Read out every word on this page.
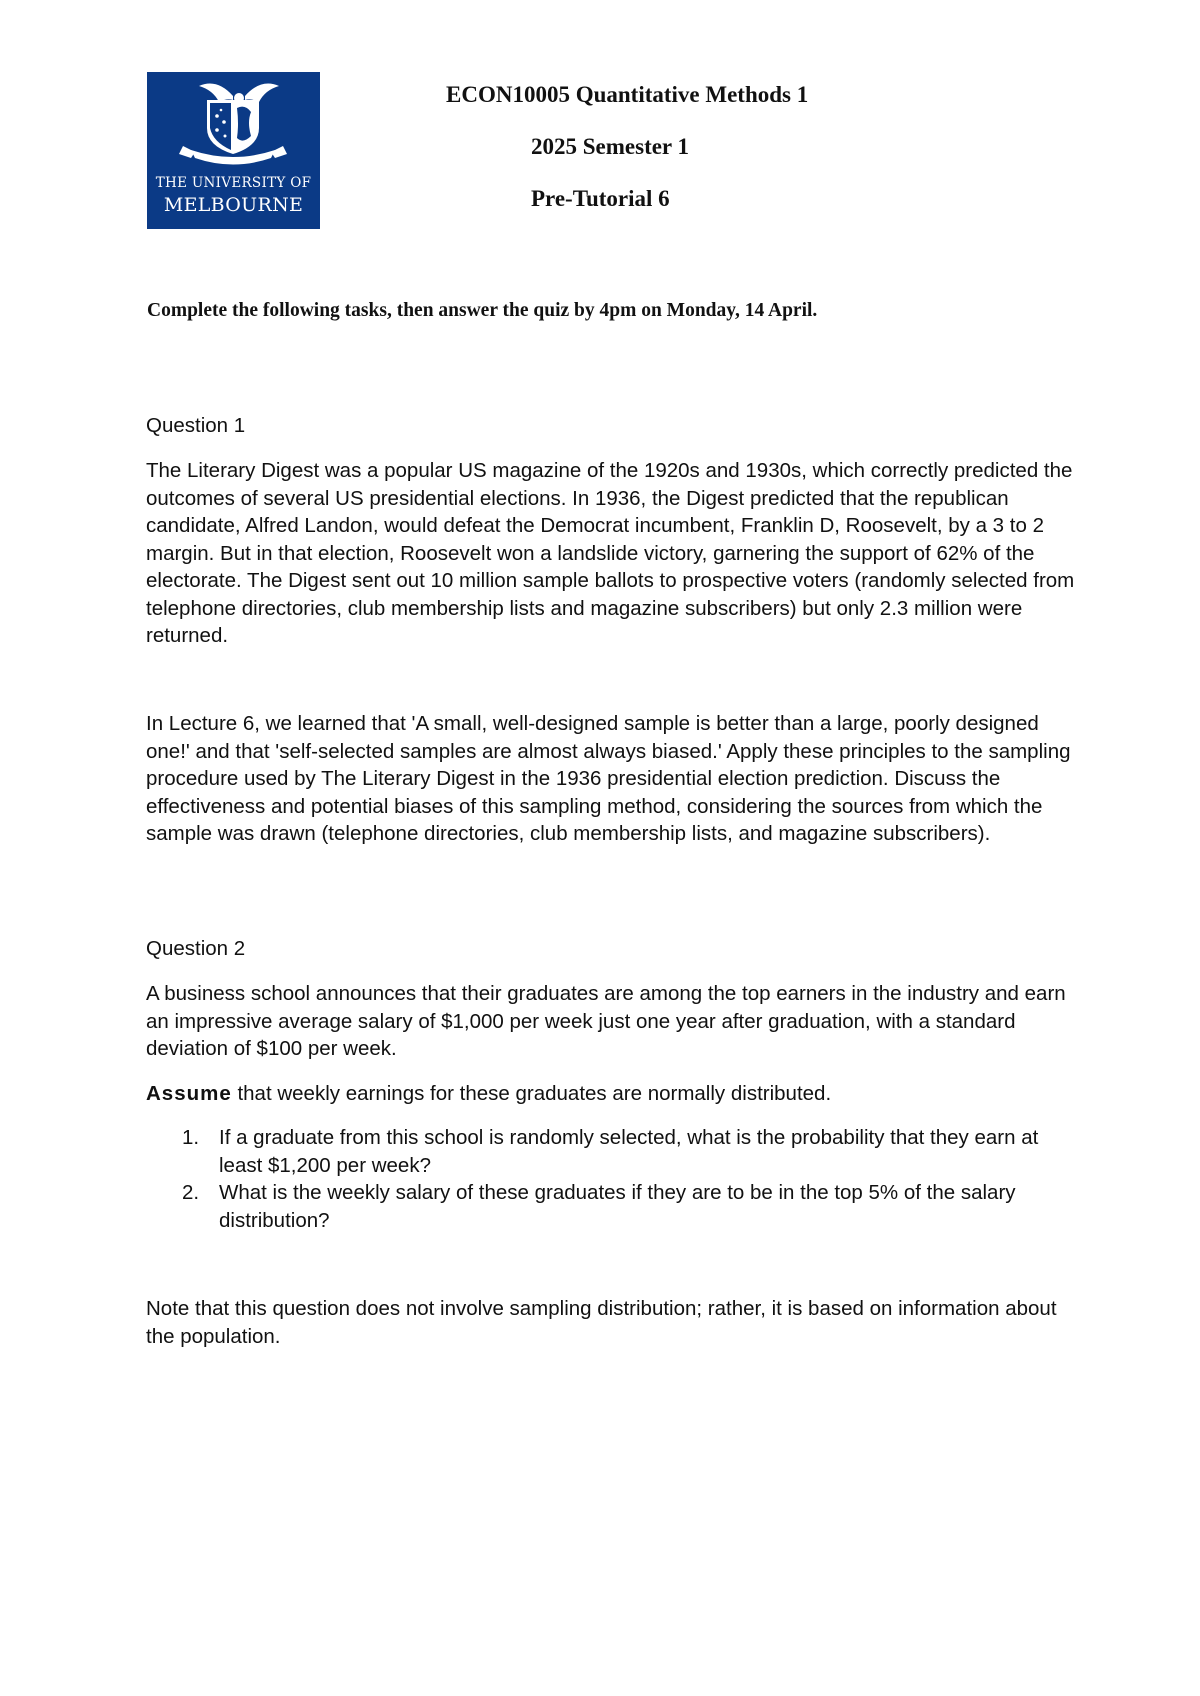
THE UNIVERSITY OF
MELBOURNE
ECON10005 Quantitative Methods 1
2025 Semester 1
Pre-Tutorial 6
Complete the following tasks, then answer the quiz by 4pm on Monday, 14 April.

Question 1

The Literary Digest was a popular US magazine of the 1920s and 1930s, which correctly predicted the outcomes of several US presidential elections. In 1936, the Digest predicted that the republican candidate, Alfred Landon, would defeat the Democrat incumbent, Franklin D, Roosevelt, by a 3 to 2 margin. But in that election, Roosevelt won a landslide victory, garnering the support of 62% of the electorate. The Digest sent out 10 million sample ballots to prospective voters (randomly selected from telephone directories, club membership lists and magazine subscribers) but only 2.3 million were returned.

In Lecture 6, we learned that 'A small, well-designed sample is better than a large, poorly designed one!' and that 'self-selected samples are almost always biased.' Apply these principles to the sampling procedure used by The Literary Digest in the 1936 presidential election prediction. Discuss the effectiveness and potential biases of this sampling method, considering the sources from which the sample was drawn (telephone directories, club membership lists, and magazine subscribers).

Question 2

A business school announces that their graduates are among the top earners in the industry and earn an impressive average salary of $1,000 per week just one year after graduation, with a standard deviation of $100 per week.

Assume that weekly earnings for these graduates are normally distributed.

1. If a graduate from this school is randomly selected, what is the probability that they earn at least $1,200 per week?
2. What is the weekly salary of these graduates if they are to be in the top 5% of the salary distribution?

Note that this question does not involve sampling distribution; rather, it is based on information about the population.
